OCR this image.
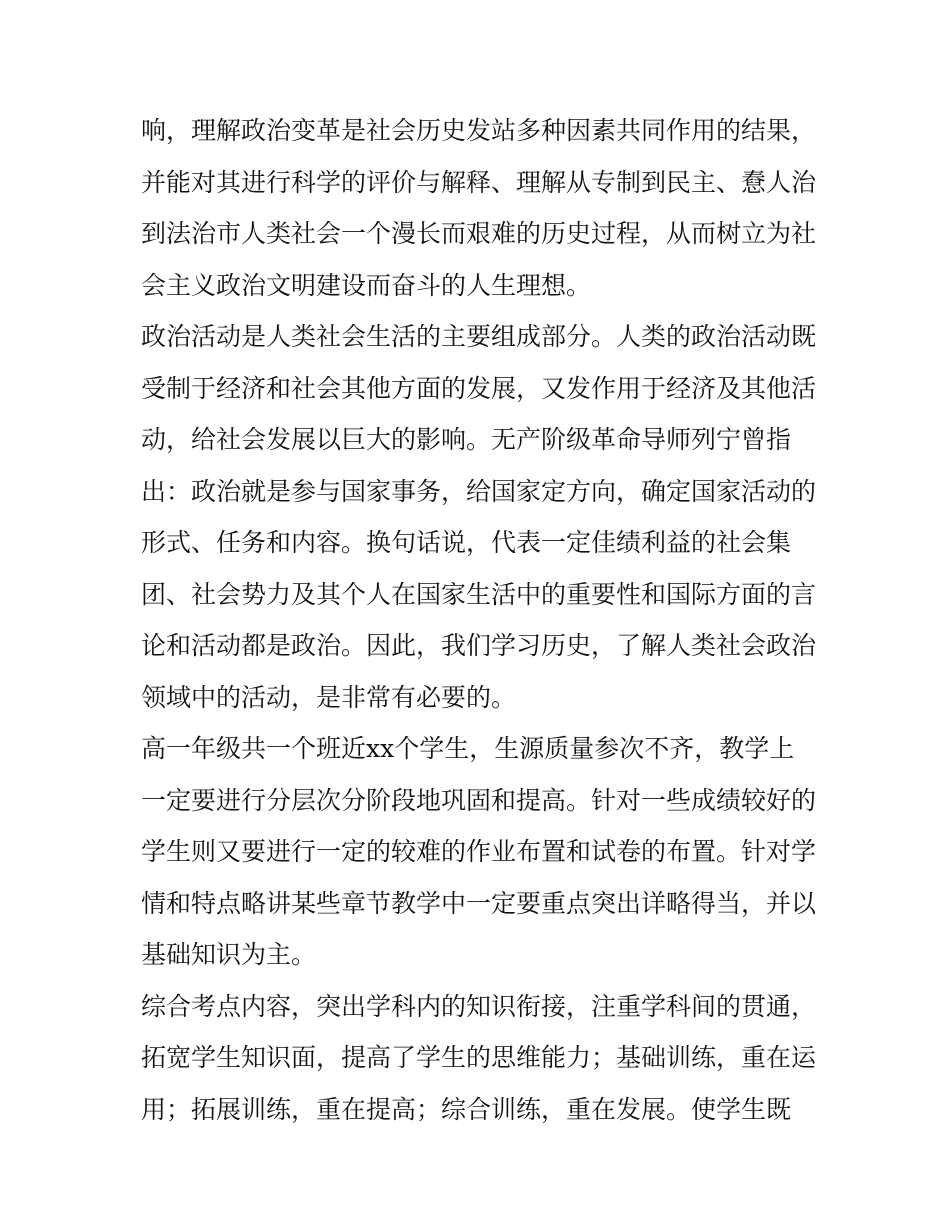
响，理解政治变革是社会历史发站多种因素共同作用的结果，
并能对其进行科学的评价与解释、理解从专制到民主、憃人治
到法治市人类社会一个漫长而艰难的历史过程，从而树立为社
会主义政治文明建设而奋斗的人生理想。
政治活动是人类社会生活的主要组成部分。人类的政治活动既
受制于经济和社会其他方面的发展，又发作用于经济及其他活
动，给社会发展以巨大的影响。无产阶级革命导师列宁曾指
出：政治就是参与国家事务，给国家定方向，确定国家活动的
形式、任务和内容。换句话说，代表一定佳绩利益的社会集
团、社会势力及其个人在国家生活中的重要性和国际方面的言
论和活动都是政治。因此，我们学习历史，了解人类社会政治
领域中的活动，是非常有必要的。
高一年级共一个班近xx个学生，生源质量参次不齐，教学上
一定要进行分层次分阶段地巩固和提高。针对一些成绩较好的
学生则又要进行一定的较难的作业布置和试卷的布置。针对学
情和特点略讲某些章节教学中一定要重点突出详略得当，并以
基础知识为主。
综合考点内容，突出学科内的知识衔接，注重学科间的贯通，
拓宽学生知识面，提高了学生的思维能力；基础训练，重在运
用；拓展训练，重在提高；综合训练，重在发展。使学生既
